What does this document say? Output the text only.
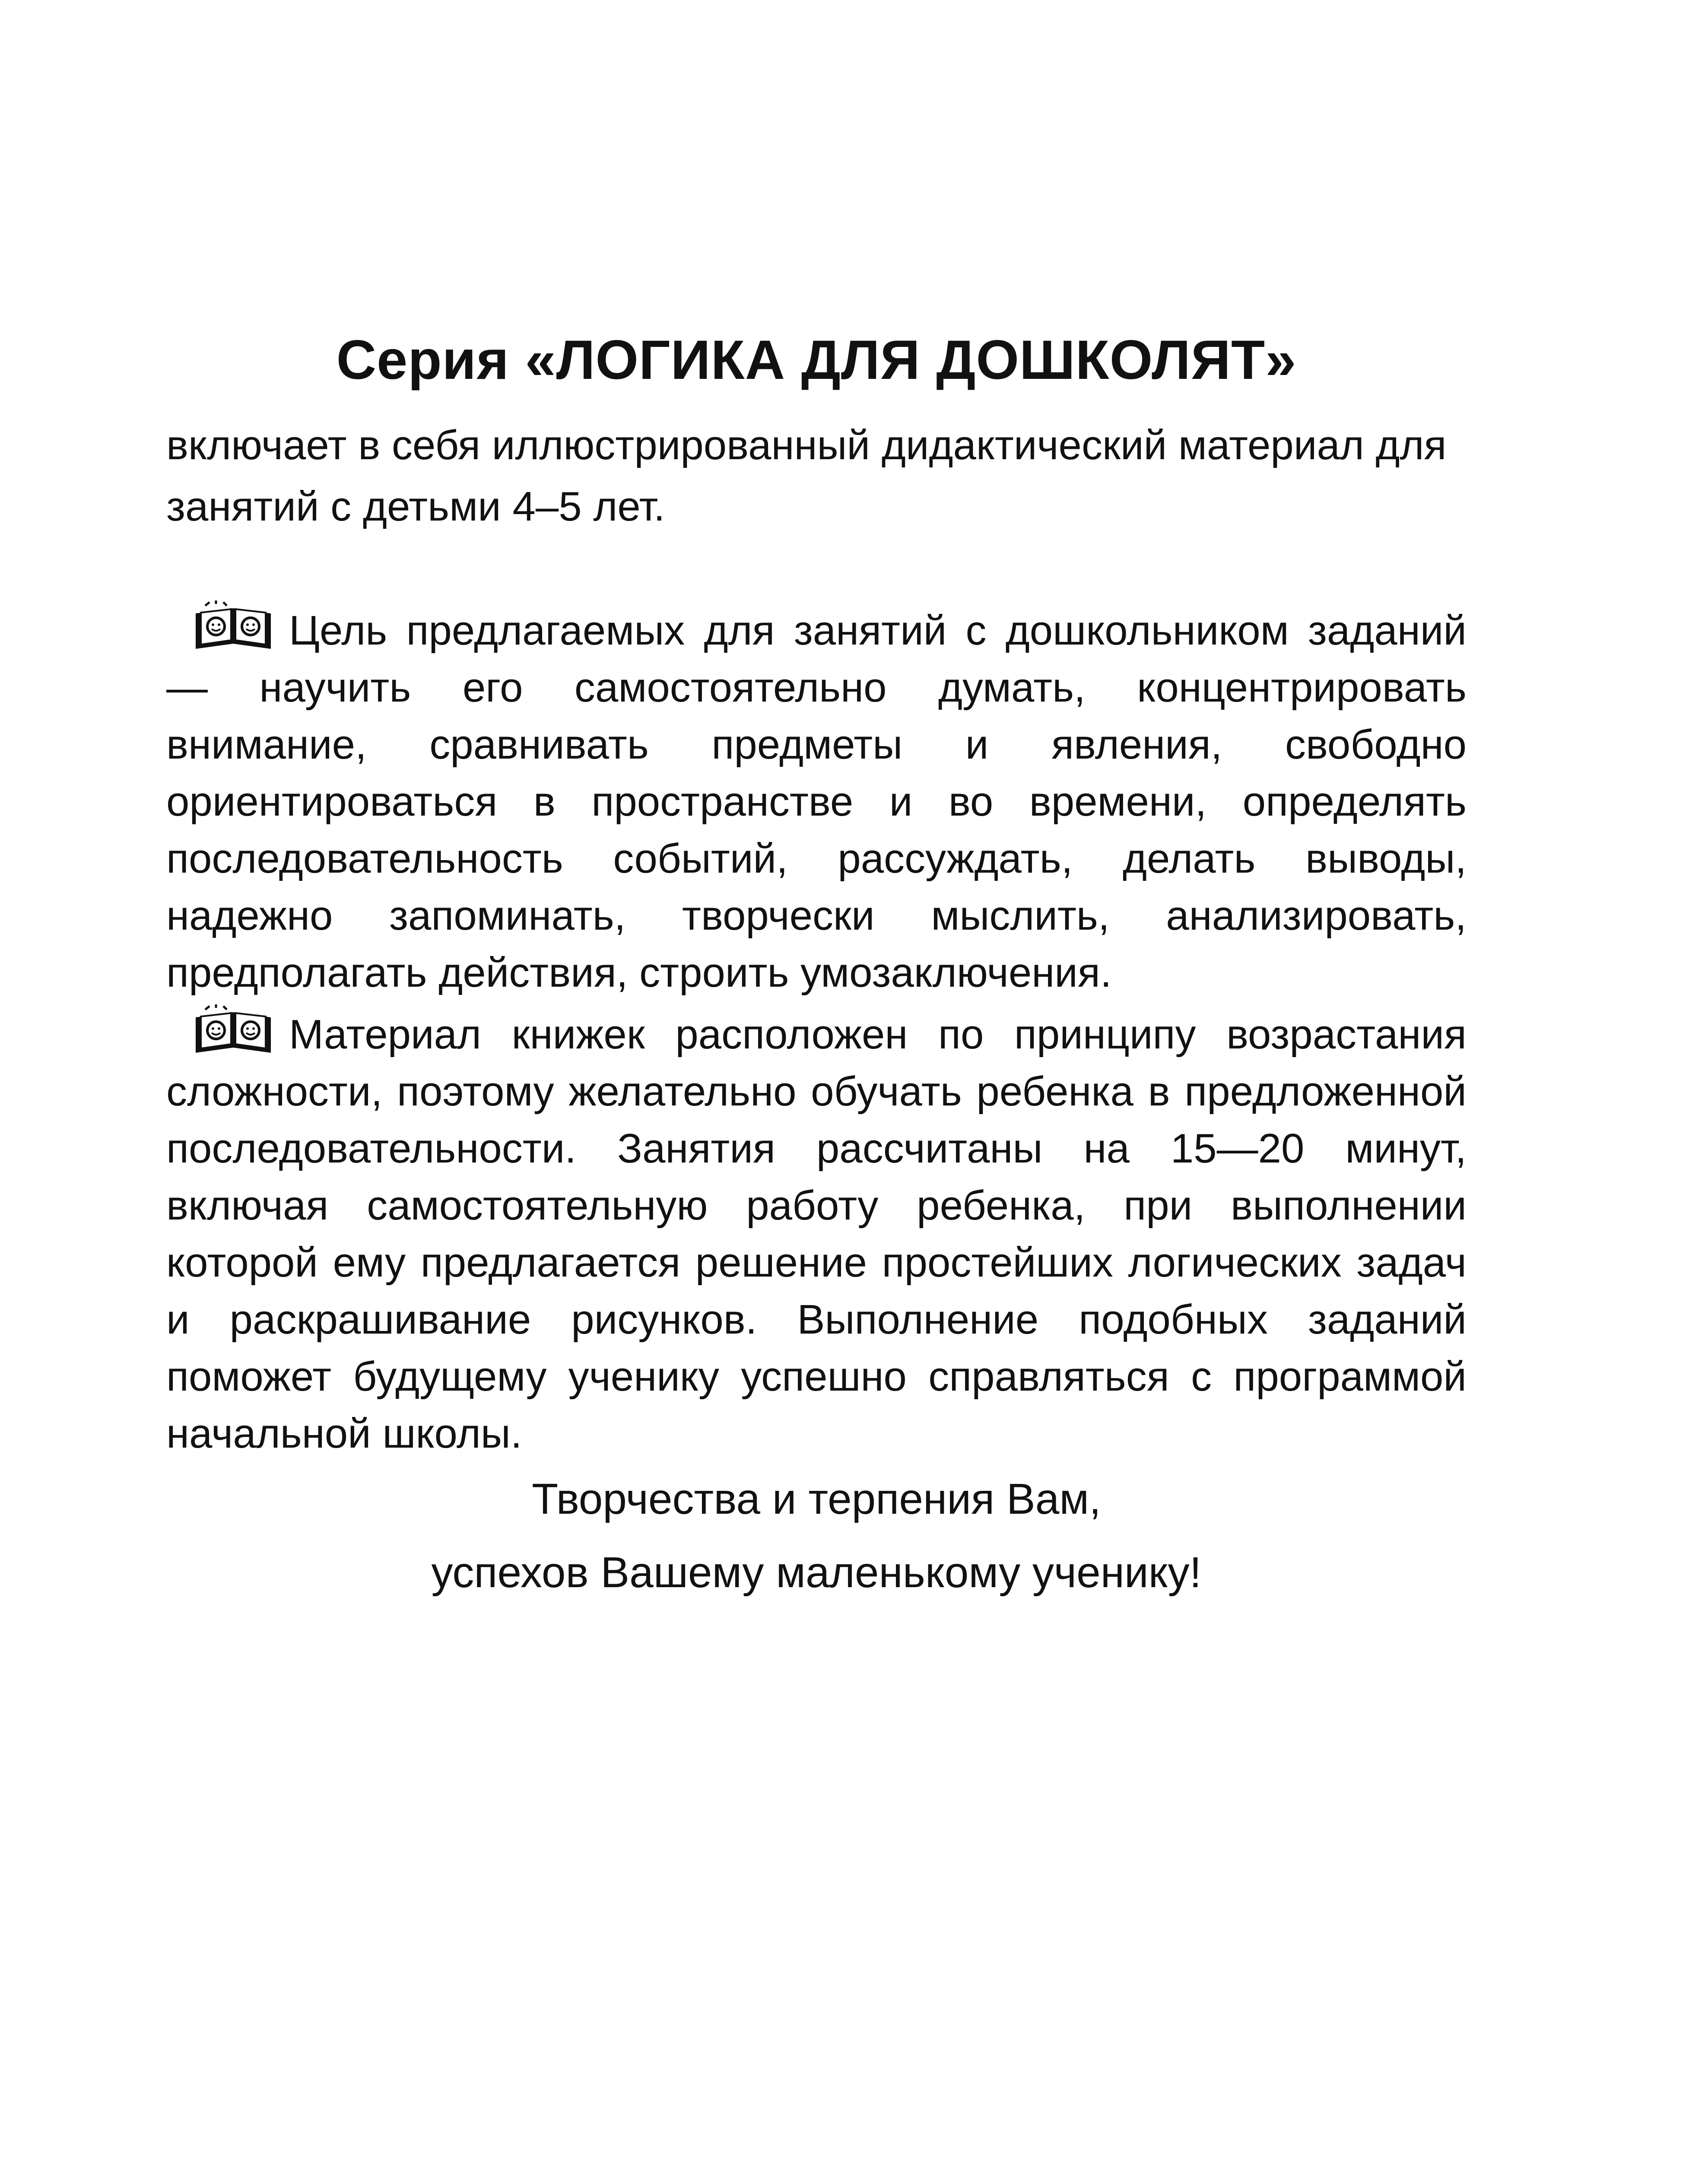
Серия «ЛОГИКА ДЛЯ ДОШКОЛЯТ»
включает в себя иллюстрированный дидактический материал для
занятий с детьми 4–5 лет.
Цель предлагаемых для занятий с дошкольником заданий — научить его самостоятельно думать, концентрировать внимание, сравнивать предметы и явления, свободно ориентироваться в пространстве и во времени, определять последовательность событий, рассуждать, делать выводы, надежно запоминать, творчески мыслить, анализировать, предполагать действия, строить умозаключения.
Материал книжек расположен по принципу возрастания сложности, поэтому желательно обучать ребенка в предложенной последовательности. Занятия рассчитаны на 15—20 минут, включая самостоятельную работу ребенка, при выполнении которой ему предлагается решение простейших логических задач и раскрашивание рисунков. Выполнение подобных заданий поможет будущему ученику успешно справляться с программой начальной школы.
Творчества и терпения Вам,
успехов Вашему маленькому ученику!
